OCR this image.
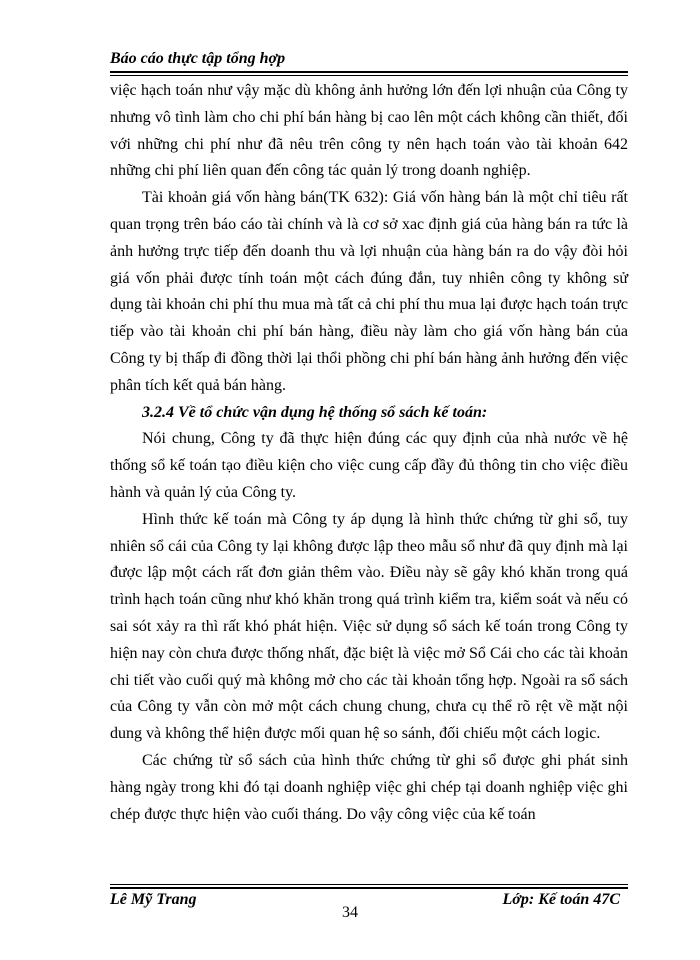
Báo cáo thực tập tổng hợp

việc hạch toán như vậy mặc dù không ảnh hưởng lớn đến lợi nhuận của Công ty nhưng vô tình làm cho chi phí bán hàng bị cao lên một cách không cần thiết, đối với những chi phí như đã nêu trên công ty nên hạch toán vào tài khoản 642 những chi phí liên quan đến công tác quản lý trong doanh nghiệp.

Tài khoản giá vốn hàng bán(TK 632): Giá vốn hàng bán là một chỉ tiêu rất quan trọng trên báo cáo tài chính và là cơ sở xac định giá của hàng bán ra tức là ảnh hưởng trực tiếp đến doanh thu và lợi nhuận của hàng bán ra do vậy đòi hỏi giá vốn phải được tính toán một cách đúng đắn, tuy nhiên công ty không sử dụng tài khoản chi phí thu mua mà tất cả chi phí thu mua lại được hạch toán trực tiếp vào tài khoản chi phí bán hàng, điều này làm cho giá vốn hàng bán của Công ty bị thấp đi đồng thời lại thổi phồng chi phí bán hàng ảnh hưởng đến việc phân tích kết quả bán hàng.

3.2.4 Về tổ chức vận dụng hệ thống sổ sách kế toán:

Nói chung, Công ty đã thực hiện đúng các quy định của nhà nước về hệ thống sổ kế toán tạo điều kiện cho việc cung cấp đầy đủ thông tin cho việc điều hành và quản lý của Công ty.

Hình thức kế toán mà Công ty áp dụng là hình thức chứng từ ghi sổ, tuy nhiên sổ cái của Công ty lại không được lập theo mẫu sổ như đã quy định mà lại được lập một cách rất đơn giản thêm vào. Điều này sẽ gây khó khăn trong quá trình hạch toán cũng như khó khăn trong quá trình kiểm tra, kiểm soát và nếu có sai sót xảy ra thì rất khó phát hiện. Việc sử dụng sổ sách kế toán trong Công ty hiện nay còn chưa được thống nhất, đặc biệt là việc mở Sổ Cái cho các tài khoản chi tiết vào cuối quý mà không mở cho các tài khoản tổng hợp. Ngoài ra sổ sách của Công ty vẫn còn mở một cách chung chung, chưa cụ thể rõ rệt về mặt nội dung và không thể hiện được mối quan hệ so sánh, đối chiếu một cách logic.

Các chứng từ sổ sách của hình thức chứng từ ghi sổ được ghi phát sinh hàng ngày trong khi đó tại doanh nghiệp việc ghi chép tại doanh nghiệp việc ghi chép được thực hiện vào cuối tháng. Do vậy công việc của kế toán

Lê Mỹ Trang
34
Lớp: Kế toán 47C
